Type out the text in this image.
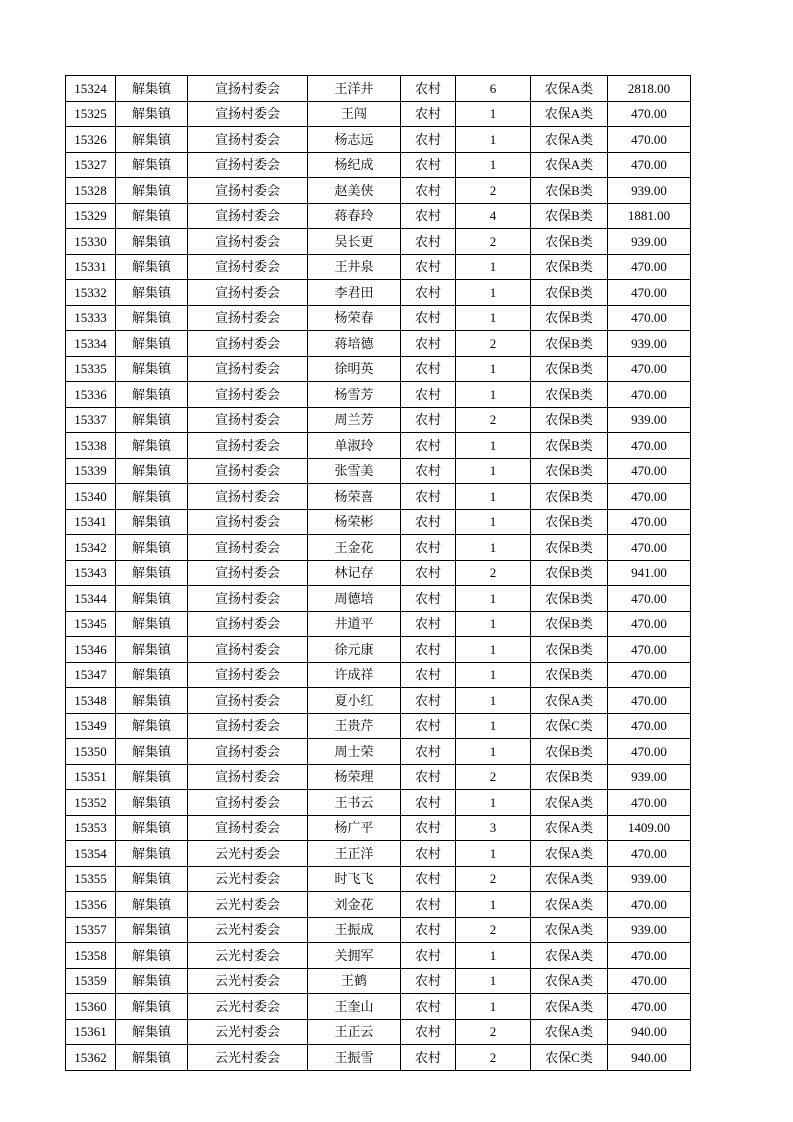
15324	解集镇	宣扬村委会	王洋井	农村	6	农保A类	2818.00
15325	解集镇	宣扬村委会	王闯	农村	1	农保A类	470.00
15326	解集镇	宣扬村委会	杨志远	农村	1	农保A类	470.00
15327	解集镇	宣扬村委会	杨纪成	农村	1	农保A类	470.00
15328	解集镇	宣扬村委会	赵美侠	农村	2	农保B类	939.00
15329	解集镇	宣扬村委会	蒋春玲	农村	4	农保B类	1881.00
15330	解集镇	宣扬村委会	吴长更	农村	2	农保B类	939.00
15331	解集镇	宣扬村委会	王井泉	农村	1	农保B类	470.00
15332	解集镇	宣扬村委会	李君田	农村	1	农保B类	470.00
15333	解集镇	宣扬村委会	杨荣春	农村	1	农保B类	470.00
15334	解集镇	宣扬村委会	蒋培德	农村	2	农保B类	939.00
15335	解集镇	宣扬村委会	徐明英	农村	1	农保B类	470.00
15336	解集镇	宣扬村委会	杨雪芳	农村	1	农保B类	470.00
15337	解集镇	宣扬村委会	周兰芳	农村	2	农保B类	939.00
15338	解集镇	宣扬村委会	单淑玲	农村	1	农保B类	470.00
15339	解集镇	宣扬村委会	张雪美	农村	1	农保B类	470.00
15340	解集镇	宣扬村委会	杨荣喜	农村	1	农保B类	470.00
15341	解集镇	宣扬村委会	杨荣彬	农村	1	农保B类	470.00
15342	解集镇	宣扬村委会	王金花	农村	1	农保B类	470.00
15343	解集镇	宣扬村委会	林记存	农村	2	农保B类	941.00
15344	解集镇	宣扬村委会	周德培	农村	1	农保B类	470.00
15345	解集镇	宣扬村委会	井道平	农村	1	农保B类	470.00
15346	解集镇	宣扬村委会	徐元康	农村	1	农保B类	470.00
15347	解集镇	宣扬村委会	许成祥	农村	1	农保B类	470.00
15348	解集镇	宣扬村委会	夏小红	农村	1	农保A类	470.00
15349	解集镇	宣扬村委会	王贵芹	农村	1	农保C类	470.00
15350	解集镇	宣扬村委会	周士荣	农村	1	农保B类	470.00
15351	解集镇	宣扬村委会	杨荣理	农村	2	农保B类	939.00
15352	解集镇	宣扬村委会	王书云	农村	1	农保A类	470.00
15353	解集镇	宣扬村委会	杨广平	农村	3	农保A类	1409.00
15354	解集镇	云光村委会	王正洋	农村	1	农保A类	470.00
15355	解集镇	云光村委会	时飞飞	农村	2	农保A类	939.00
15356	解集镇	云光村委会	刘金花	农村	1	农保A类	470.00
15357	解集镇	云光村委会	王振成	农村	2	农保A类	939.00
15358	解集镇	云光村委会	关拥军	农村	1	农保A类	470.00
15359	解集镇	云光村委会	王鹤	农村	1	农保A类	470.00
15360	解集镇	云光村委会	王奎山	农村	1	农保A类	470.00
15361	解集镇	云光村委会	王正云	农村	2	农保A类	940.00
15362	解集镇	云光村委会	王振雪	农村	2	农保C类	940.00
